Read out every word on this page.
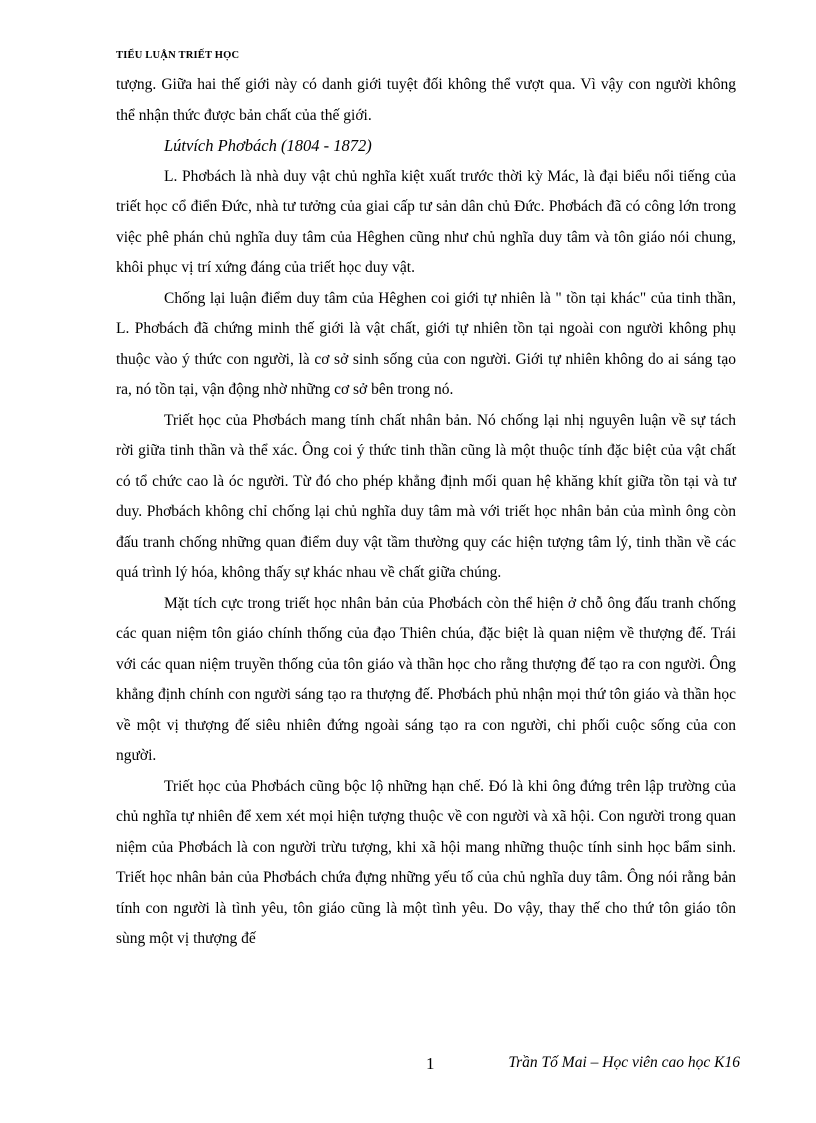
TIỂU LUẬN TRIẾT HỌC

tượng. Giữa hai thế giới này có danh giới tuyệt đối không thể vượt qua. Vì vậy con người không thể nhận thức được bản chất của thế giới.

Lútvích Phơbách (1804 - 1872)

L. Phơbách là nhà duy vật chủ nghĩa kiệt xuất trước thời kỳ Mác, là đại biểu nổi tiếng của triết học cổ điển Đức, nhà tư tưởng của giai cấp tư sản dân chủ Đức. Phơbách đã có công lớn trong việc phê phán chủ nghĩa duy tâm của Hêghen cũng như chủ nghĩa duy tâm và tôn giáo nói chung, khôi phục vị trí xứng đáng của triết học duy vật.

Chống lại luận điểm duy tâm của Hêghen coi giới tự nhiên là " tồn tại khác" của tinh thần, L. Phơbách đã chứng minh thế giới là vật chất, giới tự nhiên tồn tại ngoài con người không phụ thuộc vào ý thức con người, là cơ sở sinh sống của con người. Giới tự nhiên không do ai sáng tạo ra, nó tồn tại, vận động nhờ những cơ sở bên trong nó.

Triết học của Phơbách mang tính chất nhân bản. Nó chống lại nhị nguyên luận về sự tách rời giữa tinh thần và thể xác. Ông coi ý thức tinh thần cũng là một thuộc tính đặc biệt của vật chất có tổ chức cao là óc người. Từ đó cho phép khẳng định mối quan hệ khăng khít giữa tồn tại và tư duy. Phơbách không chỉ chống lại chủ nghĩa duy tâm mà với triết học nhân bản của mình ông còn đấu tranh chống những quan điểm duy vật tầm thường quy các hiện tượng tâm lý, tinh thần về các quá trình lý hóa, không thấy sự khác nhau về chất giữa chúng.

Mặt tích cực trong triết học nhân bản của Phơbách còn thể hiện ở chỗ ông đấu tranh chống các quan niệm tôn giáo chính thống của đạo Thiên chúa, đặc biệt là quan niệm về thượng đế. Trái với các quan niệm truyền thống của tôn giáo và thần học cho rằng thượng đế tạo ra con người. Ông khẳng định chính con người sáng tạo ra thượng đế. Phơbách phủ nhận mọi thứ tôn giáo và thần học về một vị thượng đế siêu nhiên đứng ngoài sáng tạo ra con người, chi phối cuộc sống của con người.

Triết học của Phơbách cũng bộc lộ những hạn chế. Đó là khi ông đứng trên lập trường của chủ nghĩa tự nhiên để xem xét mọi hiện tượng thuộc về con người và xã hội. Con người trong quan niệm của Phơbách là con người trừu tượng, khi xã hội mang những thuộc tính sinh học bẩm sinh. Triết học nhân bản của Phơbách chứa đựng những yếu tố của chủ nghĩa duy tâm. Ông nói rằng bản tính con người là tình yêu, tôn giáo cũng là một tình yêu. Do vậy, thay thế cho thứ tôn giáo tôn sùng một vị thượng đế

1	Trần Tố Mai – Học viên cao học K16
